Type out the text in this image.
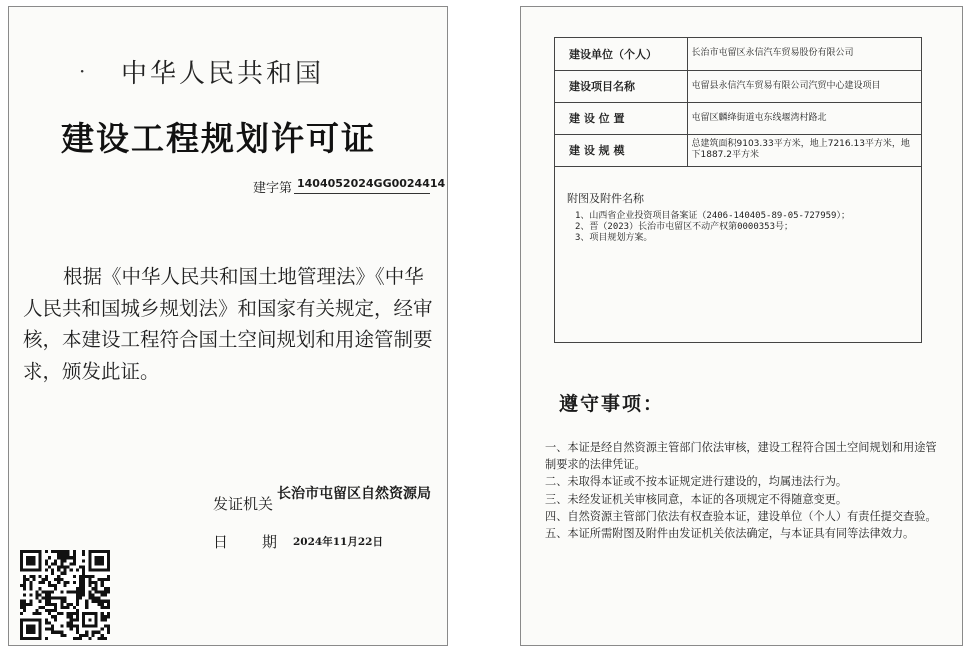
· 中华人民共和国
建设工程规划许可证
建字第 1404052024GG0024414
根据《中华人民共和国土地管理法》《中华人民共和国城乡规划法》和国家有关规定，经审核，本建设工程符合国土空间规划和用途管制要求，颁发此证。
发证机关
长治市屯留区自然资源局
日 期 2024年11月22日
建设单位（个人）	长治市屯留区永信汽车贸易股份有限公司
建设项目名称	屯留县永信汽车贸易有限公司汽贸中心建设项目
建 设 位 置	屯留区麟绛街道屯东线堰湾村路北
建 设 规 模	总建筑面积9103.33平方米，地上7216.13平方米，地下1887.2平方米
附图及附件名称
1、山西省企业投资项目备案证（2406-140405-89-05-727959）；
2、晋（2023）长治市屯留区不动产权第0000353号；
3、项目规划方案。
遵守事项：
一、本证是经自然资源主管部门依法审核，建设工程符合国土空间规划和用途管制要求的法律凭证。
二、未取得本证或不按本证规定进行建设的，均属违法行为。
三、未经发证机关审核同意，本证的各项规定不得随意变更。
四、自然资源主管部门依法有权查验本证，建设单位（个人）有责任提交查验。
五、本证所需附图及附件由发证机关依法确定，与本证具有同等法律效力。
